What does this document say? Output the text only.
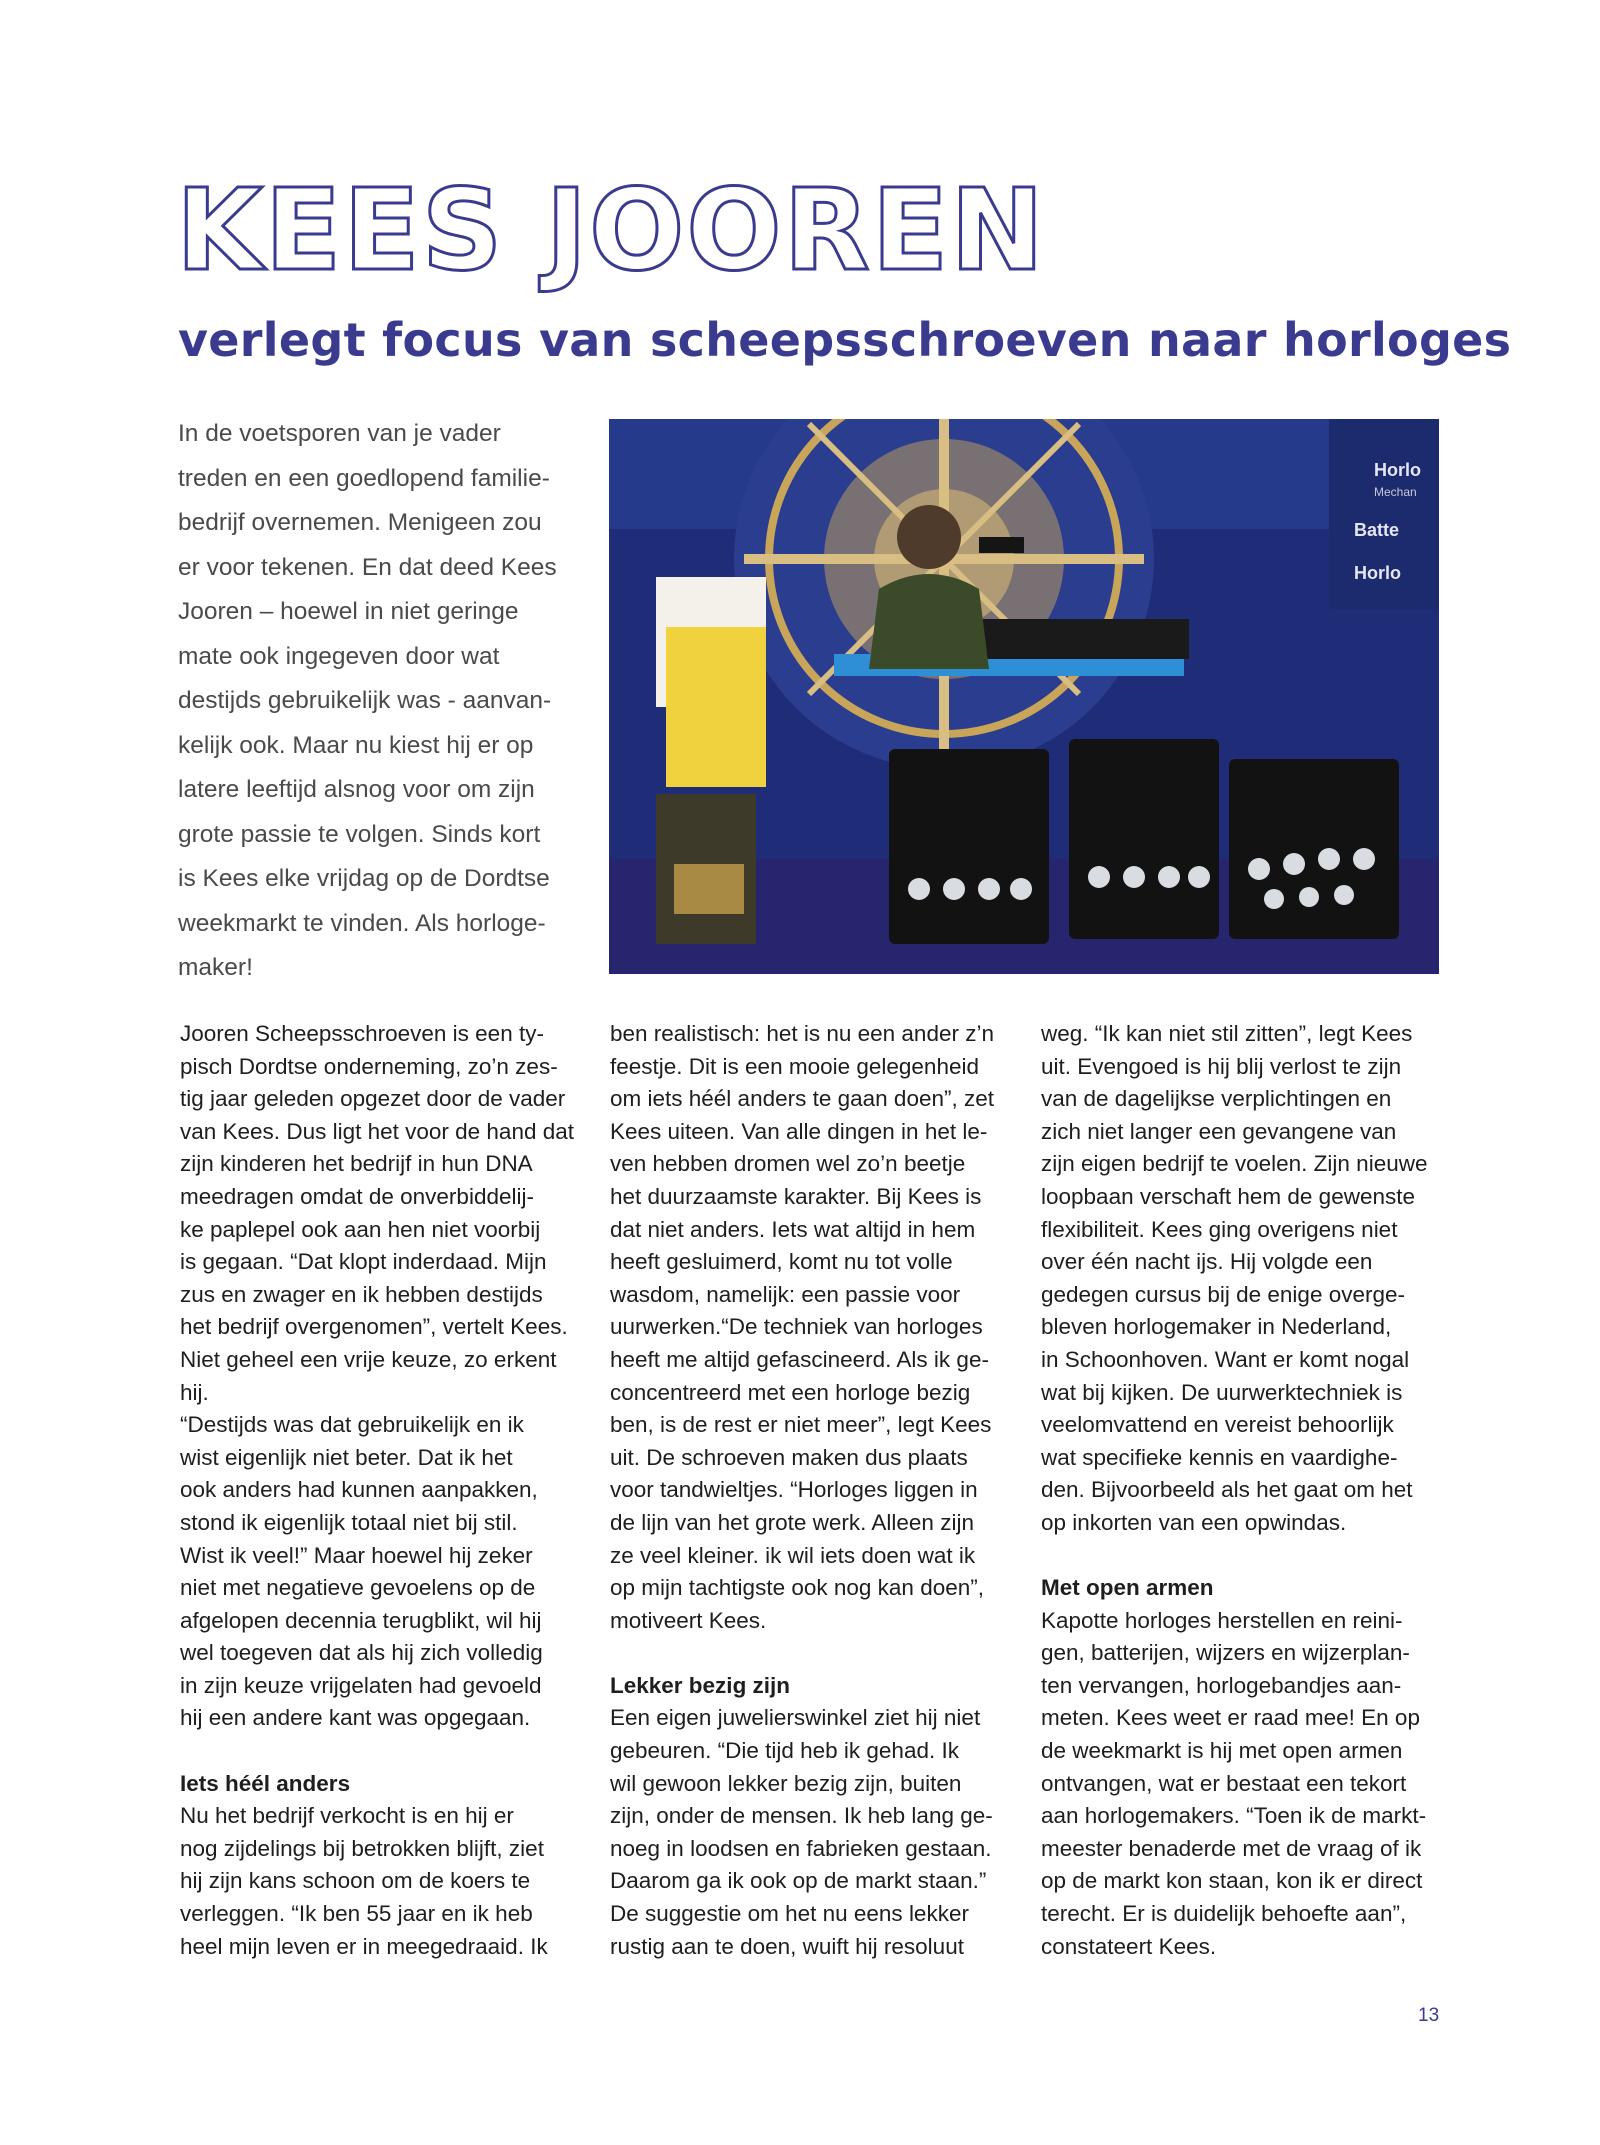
KEES JOOREN
verlegt focus van scheepsschroeven naar horloges
In de voetsporen van je vader
treden en een goedlopend familie-
bedrijf overnemen. Menigeen zou
er voor tekenen. En dat deed Kees
Jooren – hoewel in niet geringe
mate ook ingegeven door wat
destijds gebruikelijk was - aanvan-
kelijk ook. Maar nu kiest hij er op
latere leeftijd alsnog voor om zijn
grote passie te volgen. Sinds kort
is Kees elke vrijdag op de Dordtse
weekmarkt te vinden. Als horloge-
maker!
Horlo
Mechan
Batte
Horlo
Jooren Scheepsschroeven is een ty-
pisch Dordtse onderneming, zo’n zes-
tig jaar geleden opgezet door de vader
van Kees. Dus ligt het voor de hand dat
zijn kinderen het bedrijf in hun DNA
meedragen omdat de onverbiddelij-
ke paplepel ook aan hen niet voorbij
is gegaan. “Dat klopt inderdaad. Mijn
zus en zwager en ik hebben destijds
het bedrijf overgenomen”, vertelt Kees.
Niet geheel een vrije keuze, zo erkent
hij.
“Destijds was dat gebruikelijk en ik
wist eigenlijk niet beter. Dat ik het
ook anders had kunnen aanpakken,
stond ik eigenlijk totaal niet bij stil.
Wist ik veel!” Maar hoewel hij zeker
niet met negatieve gevoelens op de
afgelopen decennia terugblikt, wil hij
wel toegeven dat als hij zich volledig
in zijn keuze vrijgelaten had gevoeld
hij een andere kant was opgegaan.
Iets héél anders
Nu het bedrijf verkocht is en hij er
nog zijdelings bij betrokken blijft, ziet
hij zijn kans schoon om de koers te
verleggen. “Ik ben 55 jaar en ik heb
heel mijn leven er in meegedraaid. Ik
ben realistisch: het is nu een ander z’n
feestje. Dit is een mooie gelegenheid
om iets héél anders te gaan doen”, zet
Kees uiteen. Van alle dingen in het le-
ven hebben dromen wel zo’n beetje
het duurzaamste karakter. Bij Kees is
dat niet anders. Iets wat altijd in hem
heeft gesluimerd, komt nu tot volle
wasdom, namelijk: een passie voor
uurwerken.“De techniek van horloges
heeft me altijd gefascineerd. Als ik ge-
concentreerd met een horloge bezig
ben, is de rest er niet meer”, legt Kees
uit. De schroeven maken dus plaats
voor tandwieltjes. “Horloges liggen in
de lijn van het grote werk. Alleen zijn
ze veel kleiner. ik wil iets doen wat ik
op mijn tachtigste ook nog kan doen”,
motiveert Kees.
Lekker bezig zijn
Een eigen juwelierswinkel ziet hij niet
gebeuren. “Die tijd heb ik gehad. Ik
wil gewoon lekker bezig zijn, buiten
zijn, onder de mensen. Ik heb lang ge-
noeg in loodsen en fabrieken gestaan.
Daarom ga ik ook op de markt staan.”
De suggestie om het nu eens lekker
rustig aan te doen, wuift hij resoluut
weg. “Ik kan niet stil zitten”, legt Kees
uit. Evengoed is hij blij verlost te zijn
van de dagelijkse verplichtingen en
zich niet langer een gevangene van
zijn eigen bedrijf te voelen. Zijn nieuwe
loopbaan verschaft hem de gewenste
flexibiliteit. Kees ging overigens niet
over één nacht ijs. Hij volgde een
gedegen cursus bij de enige overge-
bleven horlogemaker in Nederland,
in Schoonhoven. Want er komt nogal
wat bij kijken. De uurwerktechniek is
veelomvattend en vereist behoorlijk
wat specifieke kennis en vaardighe-
den. Bijvoorbeeld als het gaat om het
op inkorten van een opwindas.
Met open armen
Kapotte horloges herstellen en reini-
gen, batterijen, wijzers en wijzerplan-
ten vervangen, horlogebandjes aan-
meten. Kees weet er raad mee! En op
de weekmarkt is hij met open armen
ontvangen, wat er bestaat een tekort
aan horlogemakers. “Toen ik de markt-
meester benaderde met de vraag of ik
op de markt kon staan, kon ik er direct
terecht. Er is duidelijk behoefte aan”,
constateert Kees.
13
